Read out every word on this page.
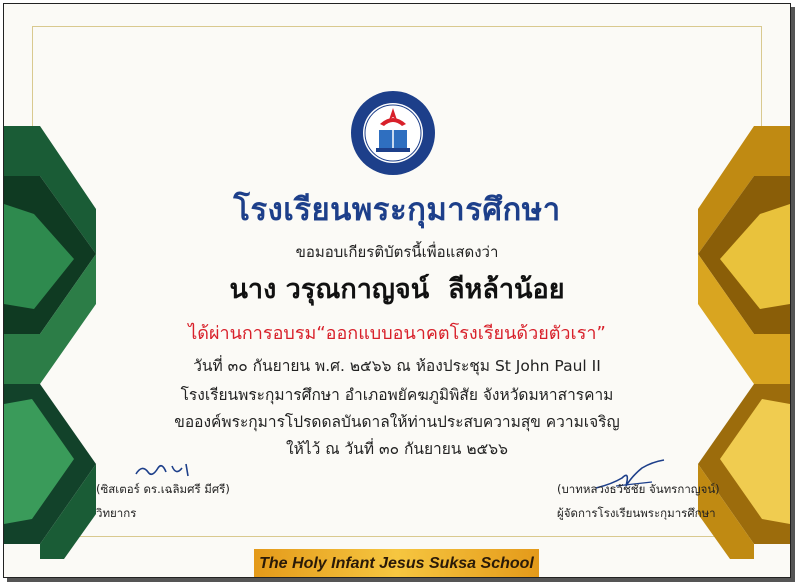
โรงเรียนพระกุมารศึกษา
ขอมอบเกียรติบัตรนี้เพื่อแสดงว่า
นาง วรุณกาญจน์  ลีหล้าน้อย
ได้ผ่านการอบรม“ออกแบบอนาคตโรงเรียนด้วยตัวเรา”
วันที่ ๓๐ กันยายน พ.ศ. ๒๕๖๖ ณ ห้องประชุม St John Paul II
โรงเรียนพระกุมารศึกษา อำเภอพยัคฆภูมิพิสัย จังหวัดมหาสารคาม
ขอองค์พระกุมารโปรดดลบันดาลให้ท่านประสบความสุข ความเจริญ
ให้ไว้ ณ วันที่ ๓๐ กันยายน ๒๕๖๖
(ซิสเตอร์ ดร.เฉลิมศรี มีศรี)
วิทยากร
(บาทหลวงธวัชชัย จันทรกาญจน์)
ผู้จัดการโรงเรียนพระกุมารศึกษา
The Holy Infant Jesus Suksa School
